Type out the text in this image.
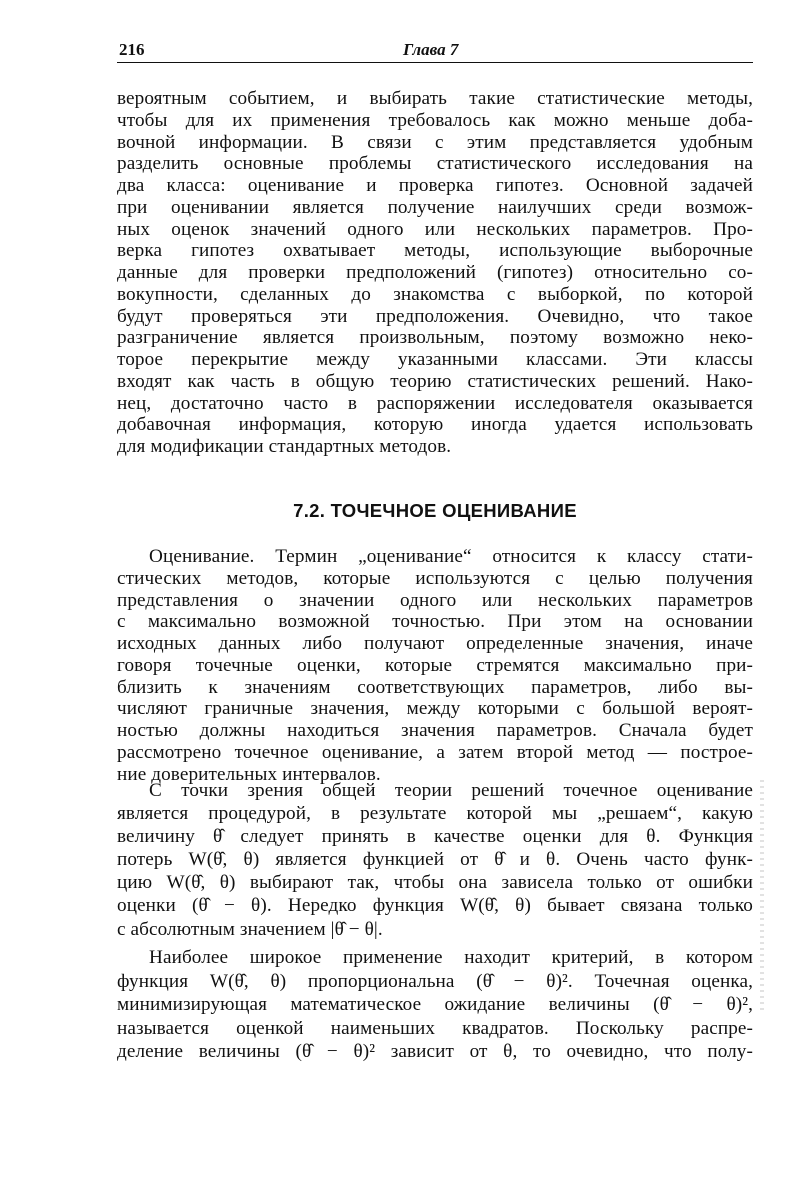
216	Глава 7
вероятным событием, и выбирать такие статистические методы,
чтобы для их применения требовалось как можно меньше доба-
вочной информации. В связи с этим представляется удобным
разделить основные проблемы статистического исследования на
два класса: оценивание и проверка гипотез. Основной задачей
при оценивании является получение наилучших среди возмож-
ных оценок значений одного или нескольких параметров. Про-
верка гипотез охватывает методы, использующие выборочные
данные для проверки предположений (гипотез) относительно со-
вокупности, сделанных до знакомства с выборкой, по которой
будут проверяться эти предположения. Очевидно, что такое
разграничение является произвольным, поэтому возможно неко-
торое перекрытие между указанными классами. Эти классы
входят как часть в общую теорию статистических решений. Нако-
нец, достаточно часто в распоряжении исследователя оказывается
добавочная информация, которую иногда удается использовать
для модификации стандартных методов.
7.2. ТОЧЕЧНОЕ ОЦЕНИВАНИЕ
Оценивание. Термин „оценивание“ относится к классу стати-
стических методов, которые используются с целью получения
представления о значении одного или нескольких параметров
с максимально возможной точностью. При этом на основании
исходных данных либо получают определенные значения, иначе
говоря точечные оценки, которые стремятся максимально при-
близить к значениям соответствующих параметров, либо вы-
числяют граничные значения, между которыми с большой вероят-
ностью должны находиться значения параметров. Сначала будет
рассмотрено точечное оценивание, а затем второй метод — построе-
ние доверительных интервалов.
С точки зрения общей теории решений точечное оценивание
является процедурой, в результате которой мы „решаем“, какую
величину θ̂ следует принять в качестве оценки для θ. Функция
потерь W(θ̂, θ) является функцией от θ̂ и θ. Очень часто функ-
цию W(θ̂, θ) выбирают так, чтобы она зависела только от ошибки
оценки (θ̂ − θ). Нередко функция W(θ̂, θ) бывает связана только
с абсолютным значением |θ̂ − θ|.
Наиболее широкое применение находит критерий, в котором
функция W(θ̂, θ) пропорциональна (θ̂ − θ)². Точечная оценка,
минимизирующая математическое ожидание величины (θ̂ − θ)²,
называется оценкой наименьших квадратов. Поскольку распре-
деление величины (θ̂ − θ)² зависит от θ, то очевидно, что полу-
